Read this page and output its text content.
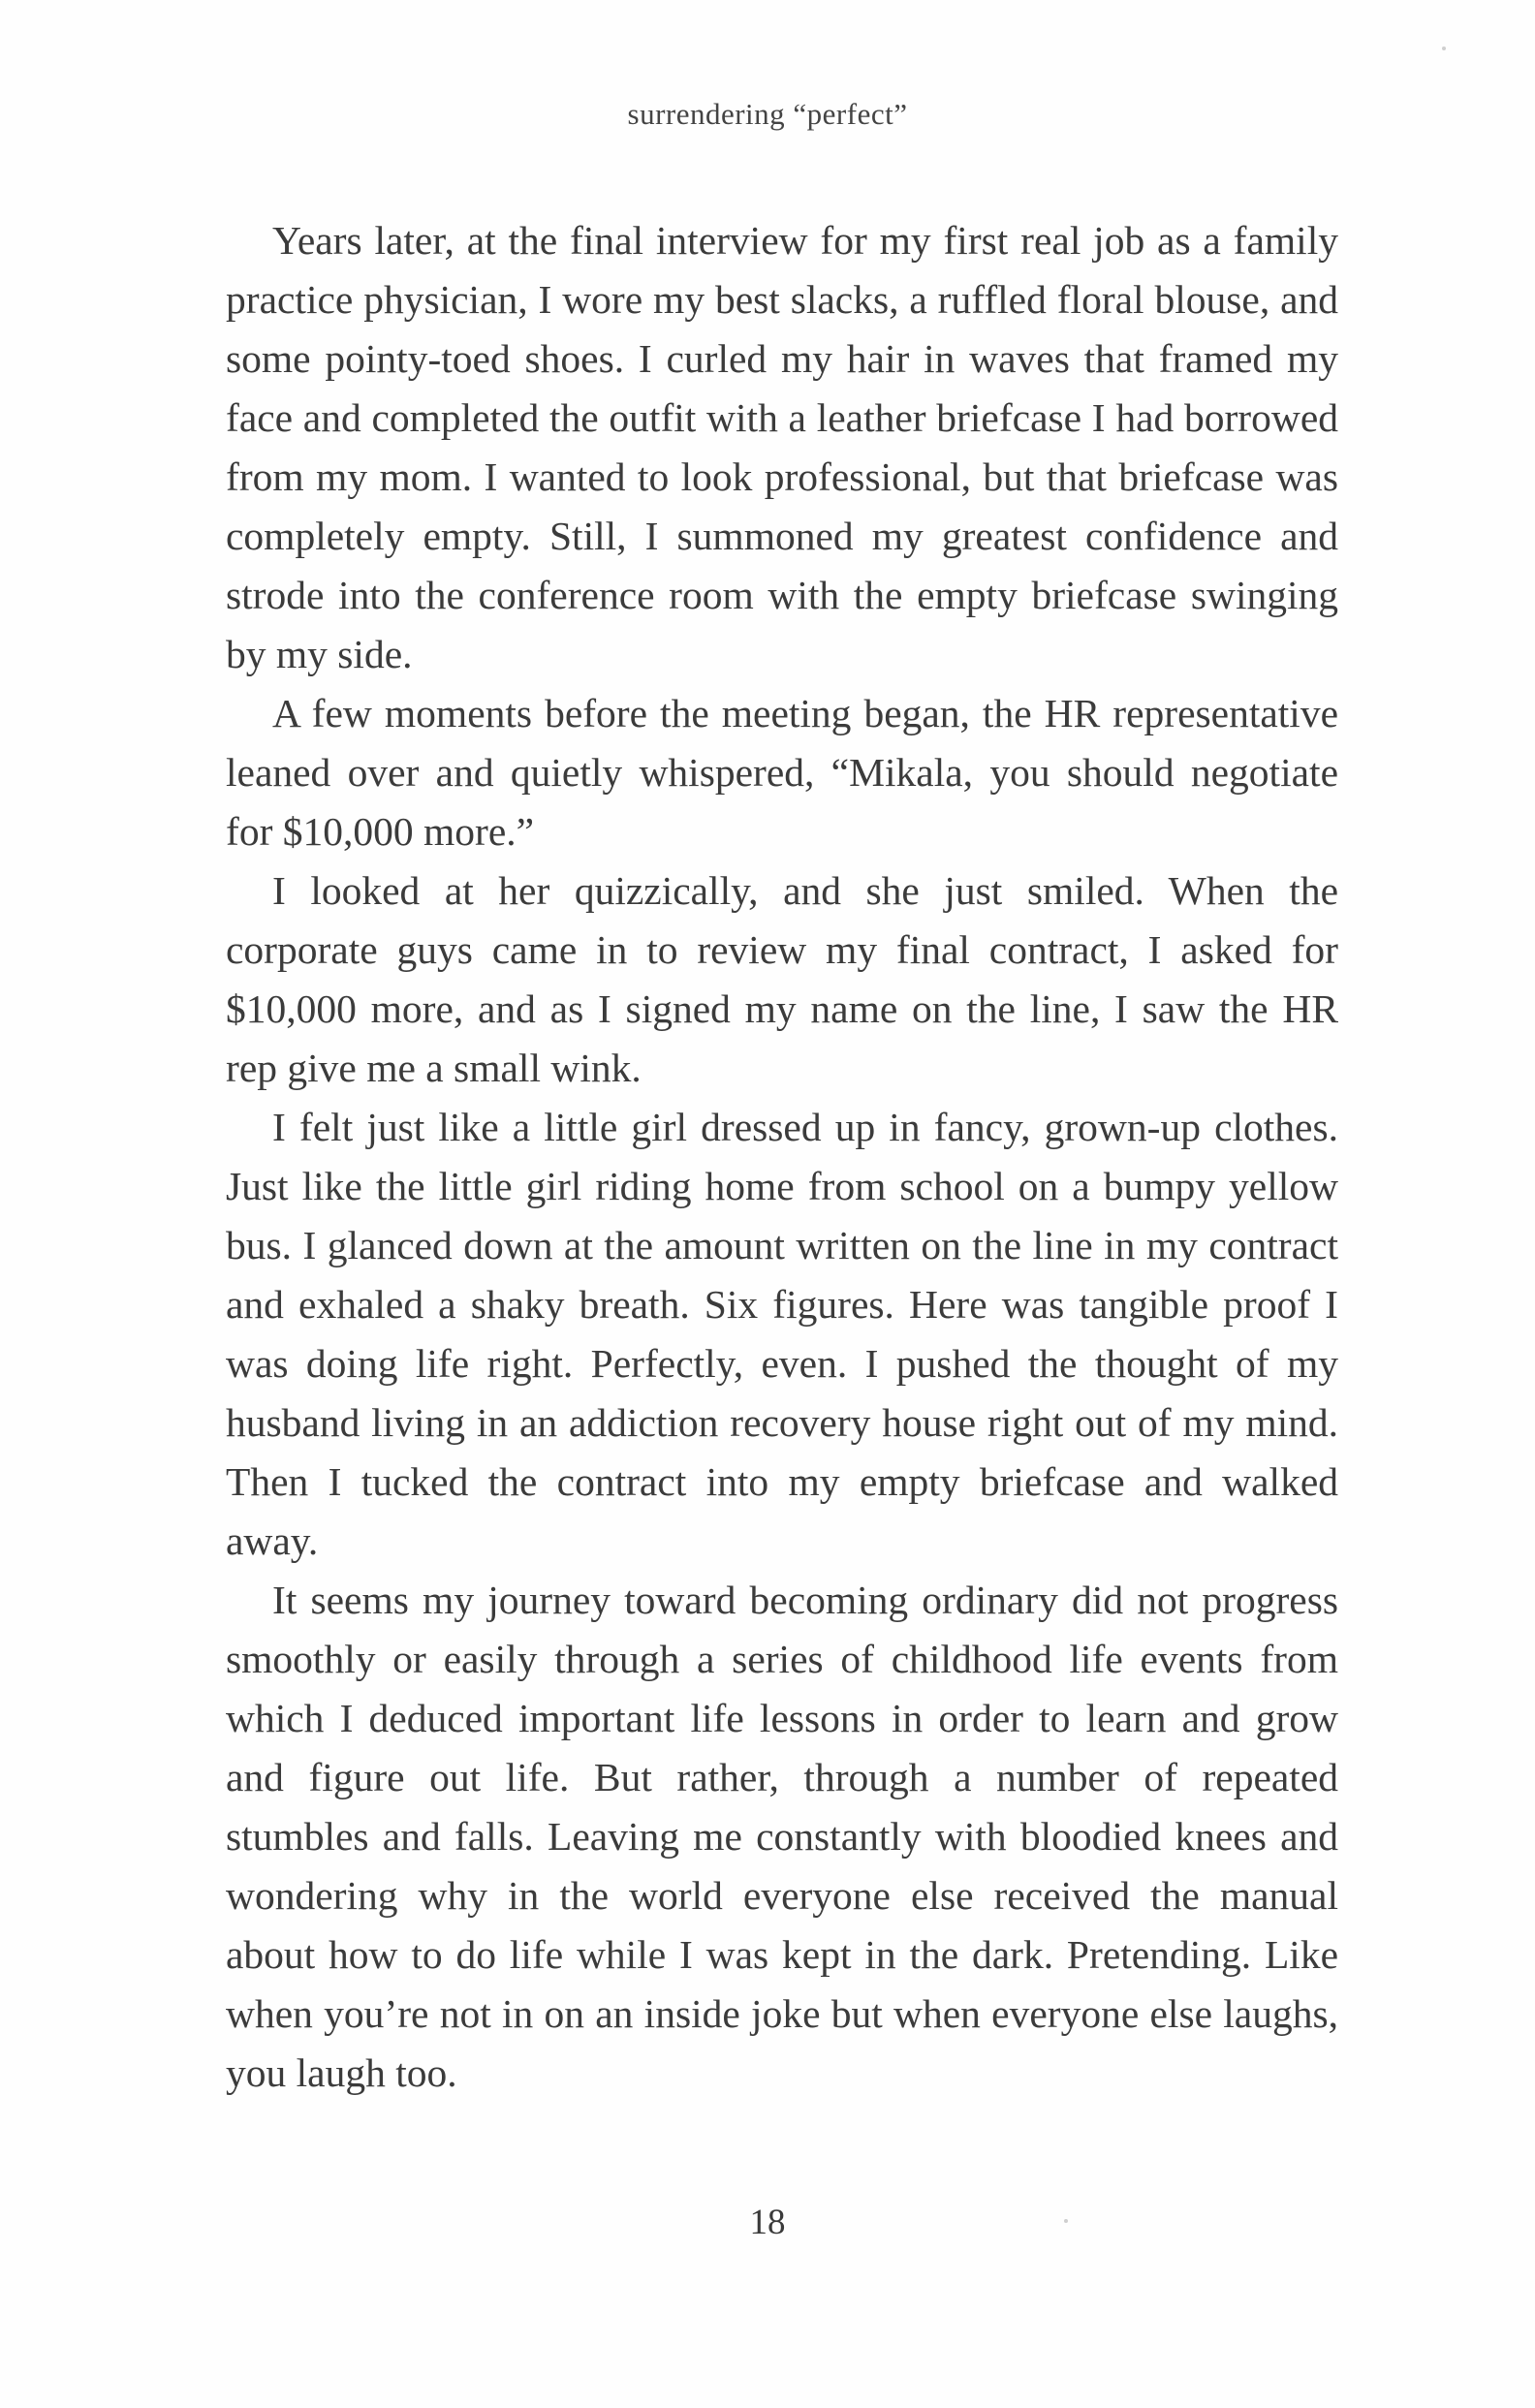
surrendering “perfect”

Years later, at the final interview for my first real job as a family practice physician, I wore my best slacks, a ruffled floral blouse, and some pointy-toed shoes. I curled my hair in waves that framed my face and completed the outfit with a leather briefcase I had borrowed from my mom. I wanted to look professional, but that briefcase was completely empty. Still, I summoned my greatest confidence and strode into the conference room with the empty briefcase swinging by my side.

A few moments before the meeting began, the HR representative leaned over and quietly whispered, “Mikala, you should negotiate for $10,000 more.”

I looked at her quizzically, and she just smiled. When the corporate guys came in to review my final contract, I asked for $10,000 more, and as I signed my name on the line, I saw the HR rep give me a small wink.

I felt just like a little girl dressed up in fancy, grown-up clothes. Just like the little girl riding home from school on a bumpy yellow bus. I glanced down at the amount written on the line in my contract and exhaled a shaky breath. Six figures. Here was tangible proof I was doing life right. Perfectly, even. I pushed the thought of my husband living in an addiction recovery house right out of my mind. Then I tucked the contract into my empty briefcase and walked away.

It seems my journey toward becoming ordinary did not progress smoothly or easily through a series of childhood life events from which I deduced important life lessons in order to learn and grow and figure out life. But rather, through a number of repeated stumbles and falls. Leaving me constantly with bloodied knees and wondering why in the world everyone else received the manual about how to do life while I was kept in the dark. Pretending. Like when you’re not in on an inside joke but when everyone else laughs, you laugh too.

18
